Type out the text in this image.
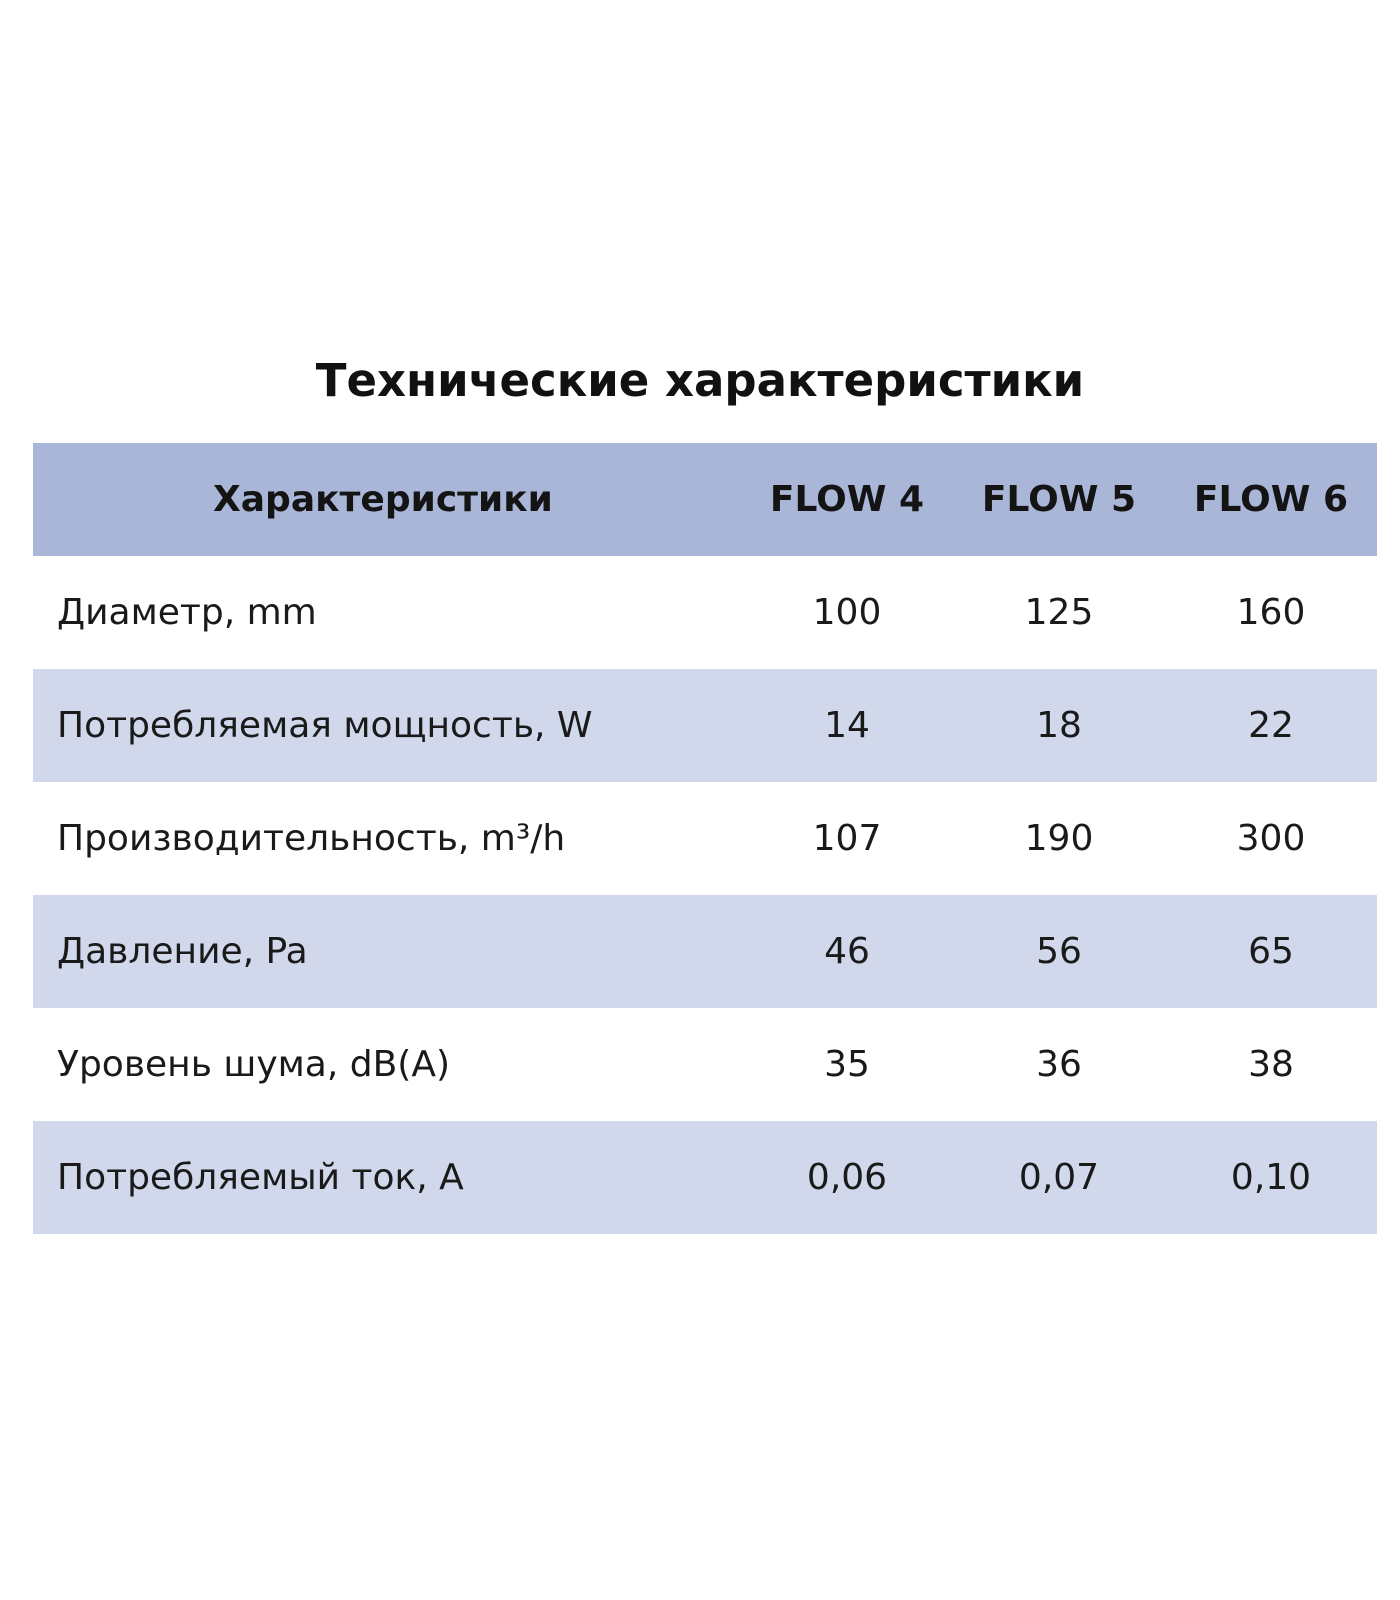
Технические характеристики
Характеристики	FLOW 4	FLOW 5	FLOW 6
Диаметр, mm	100	125	160
Потребляемая мощность, W	14	18	22
Производительность, m³/h	107	190	300
Давление, Pa	46	56	65
Уровень шума, dB(A)	35	36	38
Потребляемый ток, A	0,06	0,07	0,10
